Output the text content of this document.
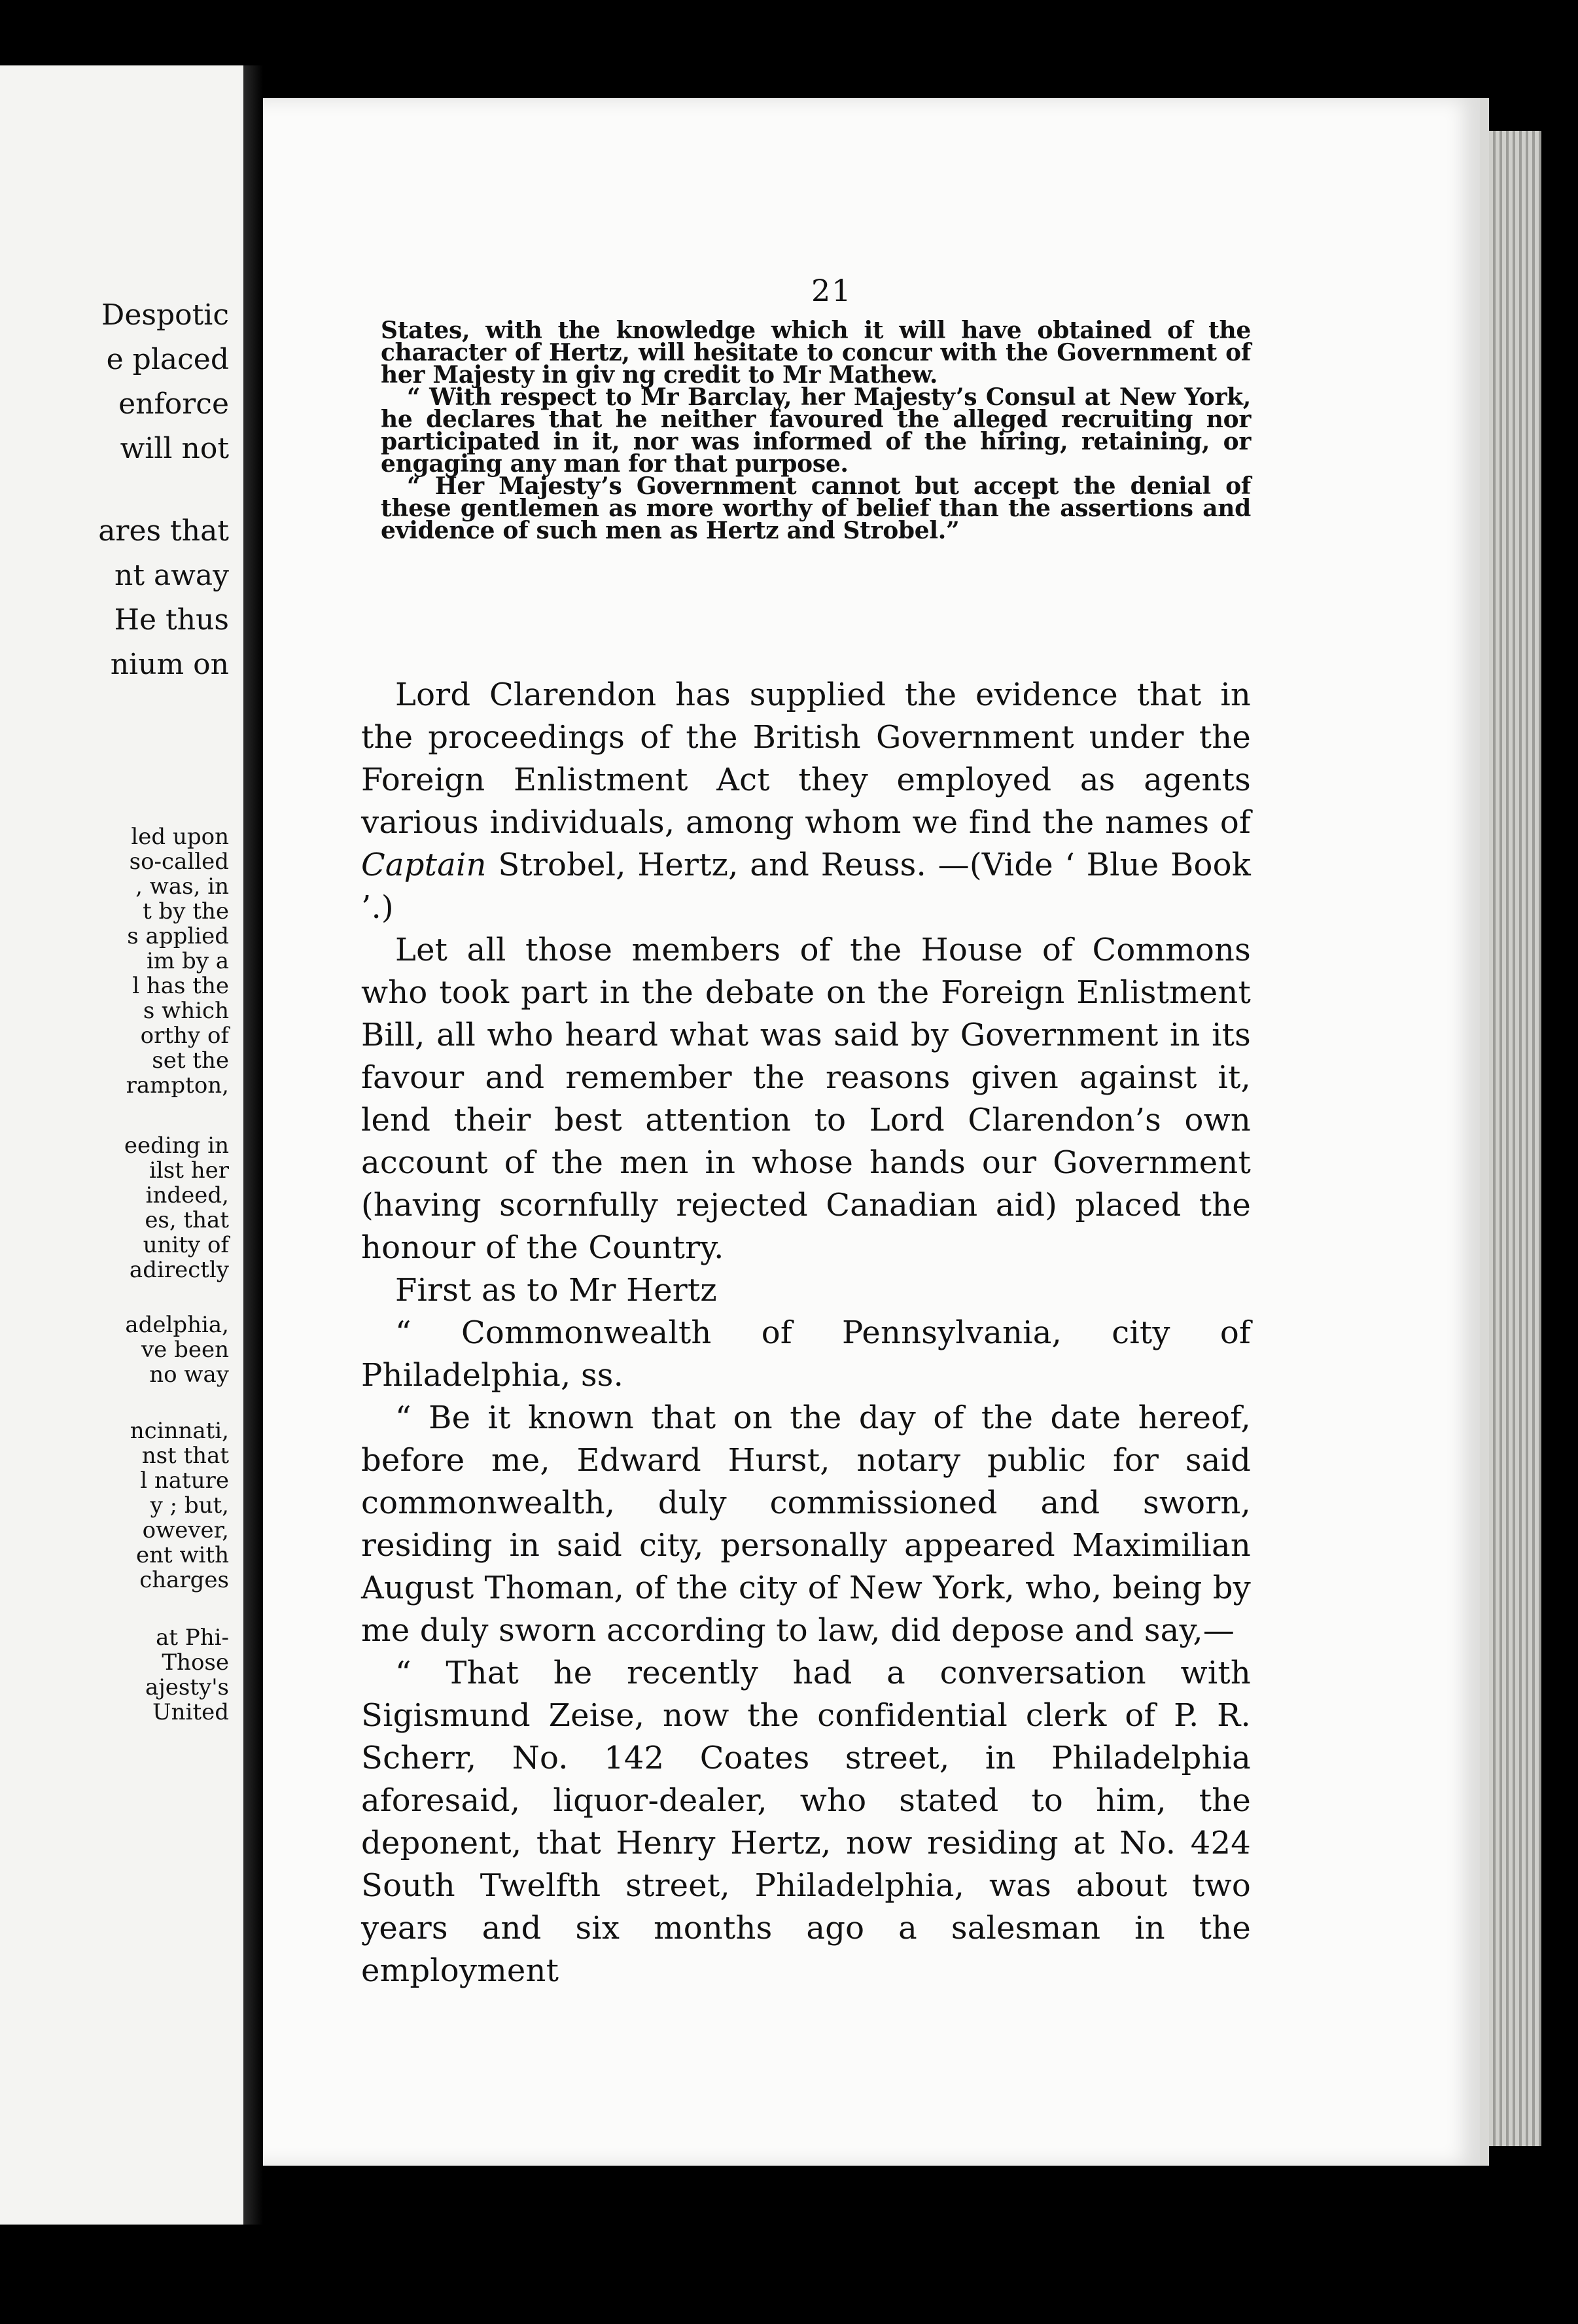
Despotic
e placed
enforce
will not
ares that
nt away
He thus
nium on
led upon
so-called
, was, in
t by the
s applied
im by a
l has the
s which
orthy of
set the
rampton,
eeding in
ilst her
indeed,
es, that
unity of
adirectly
adelphia,
ve been
no way
ncinnati,
nst that
l nature
y ; but,
owever,
ent with
charges
at Phi-
Those
ajesty's
United
21

States, with the knowledge which it will have obtained of the character of Hertz, will hesitate to concur with the Government of her Majesty in giv ng credit to Mr Mathew.

“ With respect to Mr Barclay, her Majesty’s Consul at New York, he declares that he neither favoured the alleged recruiting nor participated in it, nor was informed of the hiring, retaining, or engaging any man for that purpose.

“ Her Majesty’s Government cannot but accept the denial of these gentlemen as more worthy of belief than the assertions and evidence of such men as Hertz and Strobel.”

Lord Clarendon has supplied the evidence that in the proceedings of the British Government under the Foreign Enlistment Act they employed as agents various individuals, among whom we find the names of Captain Strobel, Hertz, and Reuss. —(Vide ‘ Blue Book ’.)

Let all those members of the House of Commons who took part in the debate on the Foreign Enlistment Bill, all who heard what was said by Government in its favour and remember the reasons given against it, lend their best attention to Lord Clarendon’s own account of the men in whose hands our Government (having scornfully rejected Canadian aid) placed the honour of the Country.

First as to Mr Hertz

“ Commonwealth of Pennsylvania, city of Philadelphia, ss.

“ Be it known that on the day of the date hereof, before me, Edward Hurst, notary public for said commonwealth, duly commissioned and sworn, residing in said city, personally appeared Maximilian August Thoman, of the city of New York, who, being by me duly sworn according to law, did depose and say,—

“ That he recently had a conversation with Sigismund Zeise, now the confidential clerk of P. R. Scherr, No. 142 Coates street, in Philadelphia aforesaid, liquor-dealer, who stated to him, the deponent, that Henry Hertz, now residing at No. 424 South Twelfth street, Philadelphia, was about two years and six months ago a salesman in the employment
